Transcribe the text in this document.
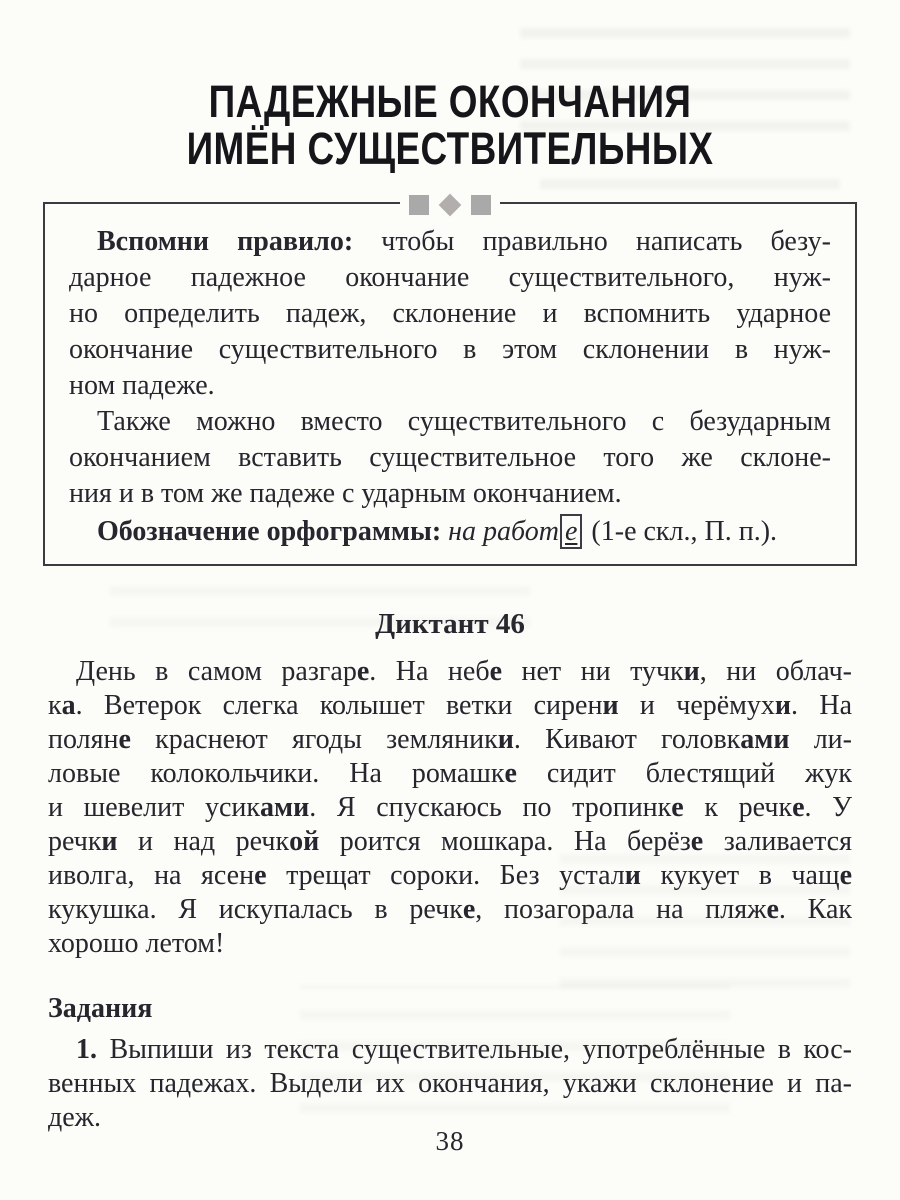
ПАДЕЖНЫЕ ОКОНЧАНИЯ
ИМЁН СУЩЕСТВИТЕЛЬНЫХ
Вспомни правило: чтобы правильно написать безу-
дарное падежное окончание существительного, нуж-
но определить падеж, склонение и вспомнить ударное
окончание существительного в этом склонении в нуж-
ном падеже.
Также можно вместо существительного с безударным
окончанием вставить существительное того же склоне-
ния и в том же падеже с ударным окончанием.
Обозначение орфограммы: на работ е (1-е скл., П. п.).
Диктант 46
День в самом разгаре. На небе нет ни тучки, ни облач-
ка. Ветерок слегка колышет ветки сирени и черёмухи. На
поляне краснеют ягоды земляники. Кивают головками ли-
ловые колокольчики. На ромашке сидит блестящий жук
и шевелит усиками. Я спускаюсь по тропинке к речке. У
речки и над речкой роится мошкара. На берёзе заливается
иволга, на ясене трещат сороки. Без устали кукует в чаще
кукушка. Я искупалась в речке, позагорала на пляже. Как
хорошо летом!
Задания
1. Выпиши из текста существительные, употреблённые в кос-
венных падежах. Выдели их окончания, укажи склонение и па-
деж.
38
